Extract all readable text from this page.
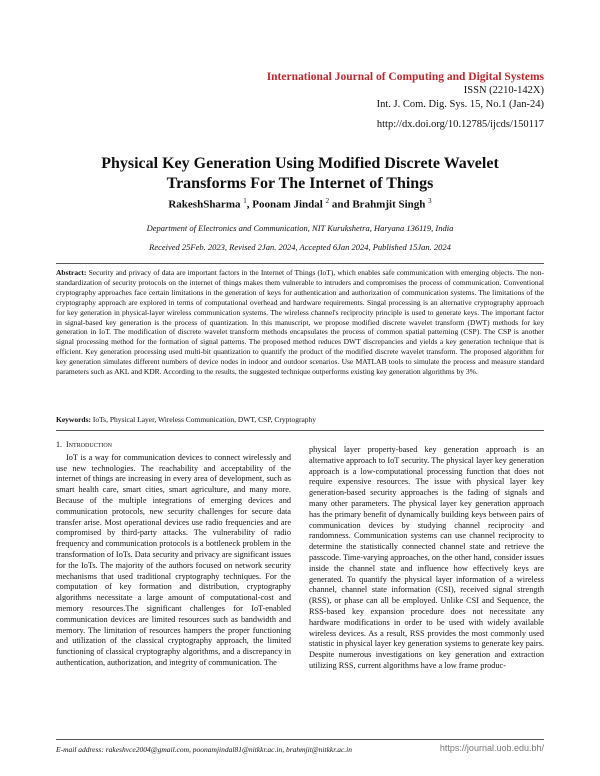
International Journal of Computing and Digital Systems
ISSN (2210-142X)
Int. J. Com. Dig. Sys. 15, No.1 (Jan-24)
http://dx.doi.org/10.12785/ijcds/150117
Physical Key Generation Using Modified Discrete Wavelet Transforms For The Internet of Things
RakeshSharma $^1$, Poonam Jindal $^2$ and Brahmjit Singh $^3$
Department of Electronics and Communication, NIT Kurukshetra, Haryana 136119, India
Received 25Feb. 2023, Revised 2Jan. 2024, Accepted 6Jan 2024, Published 15Jan. 2024
Abstract: Security and privacy of data are important factors in the Internet of Things (IoT), which enables safe communication with emerging objects. The non-standardization of security protocols on the internet of things makes them vulnerable to intruders and compromises the process of communication. Conventional cryptography approaches face certain limitations in the generation of keys for authentication and authorization of communication systems. The limitations of the cryptography approach are explored in terms of computational overhead and hardware requirements. Singal processing is an alternative cryptography approach for key generation in physical-layer wireless communication systems. The wireless channel's reciprocity principle is used to generate keys. The important factor in signal-based key generation is the process of quantization. In this manuscript, we propose modified discrete wavelet transform (DWT) methods for key generation in IoT. The modification of discrete wavelet transform methods encapsulates the process of common spatial patterning (CSP). The CSP is another signal processing method for the formation of signal patterns. The proposed method reduces DWT discrepancies and yields a key generation technique that is efficient. Key generation processing used multi-bit quantization to quantify the product of the modified discrete wavelet transform. The proposed algorithm for key generation simulates different numbers of device nodes in indoor and outdoor scenarios. Use MATLAB tools to simulate the process and measure standard parameters such as AKL and KDR. According to the results, the suggested technique outperforms existing key generation algorithms by 3%.
Keywords: IoTs, Physical Layer, Wireless Communication, DWT, CSP, Cryptography
1. Introduction

IoT is a way for communication devices to connect wirelessly and use new technologies. The reachability and acceptability of the internet of things are increasing in every area of development, such as smart health care, smart cities, smart agriculture, and many more. Because of the multiple integrations of emerging devices and communication protocols, new security challenges for secure data transfer arise. Most operational devices use radio frequencies and are compromised by third-party attacks. The vulnerability of radio frequency and communication protocols is a bottleneck problem in the transformation of IoTs. Data security and privacy are significant issues for the IoTs. The majority of the authors focused on network security mechanisms that used traditional cryptography techniques. For the computation of key formation and distribution, cryptography algorithms necessitate a large amount of computational-cost and memory resources.The significant challenges for IoT-enabled communication devices are limited resources such as bandwidth and memory. The limitation of resources hampers the proper functioning and utilization of the classical cryptography approach, the limited functioning of classical cryptography algorithms, and a discrepancy in authentication, authorization, and integrity of communication. The

physical layer property-based key generation approach is an alternative approach to IoT security. The physical layer key generation approach is a low-computational processing function that does not require expensive resources. The issue with physical layer key generation-based security approaches is the fading of signals and many other parameters. The physical layer key generation approach has the primary benefit of dynamically building keys between pairs of communication devices by studying channel reciprocity and randomness. Communication systems can use channel reciprocity to determine the statistically connected channel state and retrieve the passcode. Time-varying approaches, on the other hand, consider issues inside the channel state and influence how effectively keys are generated. To quantify the physical layer information of a wireless channel, channel state information (CSI), received signal strength (RSS), or phase can all be employed. Unlike CSI and Sequence, the RSS-based key expansion procedure does not necessitate any hardware modifications in order to be used with widely available wireless devices. As a result, RSS provides the most commonly used statistic in physical layer key generation systems to generate key pairs. Despite numerous investigations on key generation and extraction utilizing RSS, current algorithms have a low frame produc-

E-mail address: rakeshvce2004@gmail.com, poonamjindal81@nitkkr.ac.in, brahmjit@nitkkr.ac.in	https://journal.uob.edu.bh/
